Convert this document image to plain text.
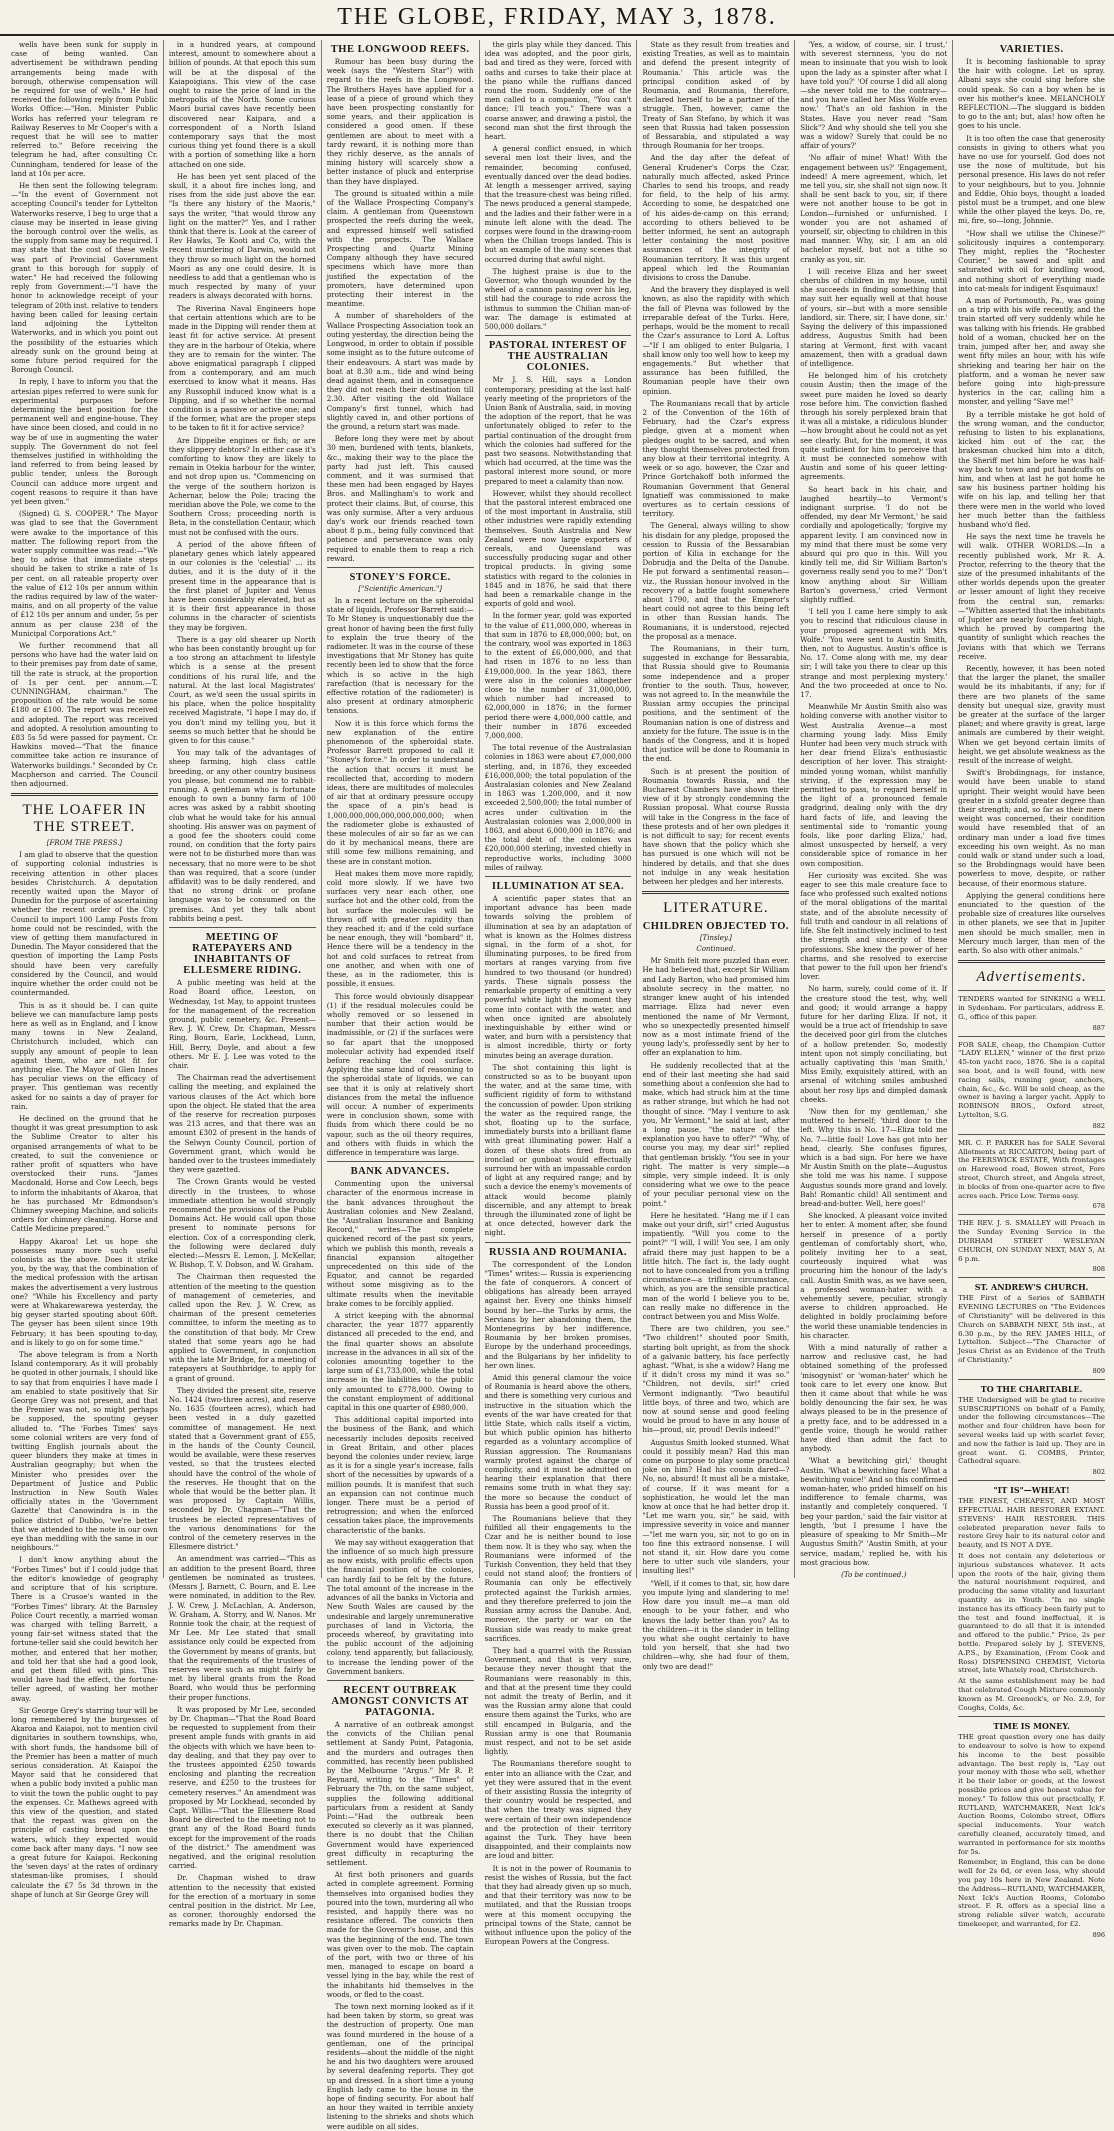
THE GLOBE, FRIDAY, MAY 3, 1878.

wells have been sunk for supply in case of being wanted. Can advertisement be withdrawn pending arrangements being made with borough, otherwise compensation will be required for use of wells." He had received the following reply from Public Works Office:—"Hon. Minister Public Works has referred your telegram re Railway Reserves to Mr Cooper's with a request that he will see to matter referred to." Before receiving the telegram he had, after consulting Cr. Cunningham, tendered for lease of the land at 10s per acre.

He then sent the following telegram:—"In the event of Government not accepting Council's tender for Lyttelton Waterworks reserve, I beg to urge that a clause may be inserted in lease giving the borough control over the wells, as the supply from same may be required. I may state that the cost of these wells was part of Provincial Government grant to this borough for supply of water." He had received the following reply from Government:—"I have the honor to acknowledge receipt of your telegram of 20th inst. relative to tenders having been called for leasing certain land adjoining the Lyttelton Waterworks, and in which you point out the possibility of the estuaries which already sunk on the ground being at some future period required for the Borough Council.

In reply, I have to inform you that the artesian pipes referred to were sunk for experimental purposes before determining the best position for the permanent well and engine-house. They have since been closed, and could in no way be of use in augmenting the water supply. The Government do not feel themselves justified in withholding the land referred to from being leased by public tender, unless the Borough Council can adduce more urgent and cogent reasons to require it than have yet been given."

(Signed) G. S. COOPER." The Mayor was glad to see that the Government were awake to the importance of this matter. The following report from the water supply committee was read:—"We beg to advise that immediate steps should be taken to strike a rate of 1s per cent. on all rateable property over the value of £12 10s per annum within the radius required by law of the water-mains, and on all property of the value of £12 10s per annum and under, 5s per annum as per clause 238 of the Municipal Corporations Act."

We further recommend that all persons who have had the water laid on to their premises pay from date of same, till the rate is struck, at the proportion of 1s per cent. per annum.—T. CUNNINGHAM, chairman." The proposition of the rate would be some £180 or £100. The report was received and adopted. The report was received and adopted. A resolution amounting to £83 5s 5d were passed for payment. Cr. Hawkins moved—"That the finance committee take action re insurance of Waterworks buildings." Seconded by Cr. Macpherson and carried. The Council then adjourned.

THE LOAFER IN THE STREET.
[FROM THE PRESS.]

I am glad to observe that the question of supporting colonial industries is receiving attention in other places besides Christchurch. A deputation recently waited upon the Mayor of Dunedin for the purpose of ascertaining whether the recent order of the City Council to import 100 Lamp Posts from home could not be rescinded, with the view of getting them manufactured in Dunedin. The Mayor considered that the question of importing the Lamp Posts should have been very carefully considered by the Council, and would inquire whether the order could not be countermanded.

This is as it should be. I can quite believe we can manufacture lamp posts here as well as in England, and I know many towns in New Zealand, Christchurch included, which can supply any amount of people to lean against them, who are not fit for anything else. The Mayor of Glen Innes has peculiar views on the efficacy of prayer. This gentleman was recently asked for no saints a day of prayer for rain.

He declined on the ground that he thought it was great presumption to ask the Sublime Creator to alter his organised arrangements of what to be created, to suit the convenience or rather profit of squatters who have overstocked their runs. "James Macdonald, Horse and Cow Leech, begs to inform the inhabitants of Akaroa, that he has purchased Mr Edmondson's Chimney sweeping Machine, and solicits orders for chimney cleaning. Horse and Cattle Medicine prepared."

Happy Akaroa! Let us hope she possesses many more such useful colonists as the above. Does it strike you, by the way, that the combination of the medical profession with the artisan makes the advertisement a very lustrous one? "While his Excellency and party were at Whakarewarewa yesterday, the big geyser started spouting about 60ft. The geyser has been silent since 19th February; it has been spouting to-day, and is likely to go on for some time."

The above telegram is from a North Island contemporary. As it will probably be quoted in other journals, I should like to say that from enquiries I have made I am enabled to state positively that Sir George Grey was not present, and that the Premier was not, so might perhaps be supposed, the spouting geyser alluded to. "The 'Forbes Times' says some colonial writers are very fond of twitting English journals about the queer blunders they make at times in Australian geography; but when the Minister who presides over the Department of Justice and Public Instruction in New South Wales officially states in the 'Government Gazette' that Canowindra is in the police district of Dubbo, 'we're better that we attended to the note in our own eye than meddling with the same in our neighbours.'"

I don't know anything about the "Forbes Times" but if I could judge that the editor's knowledge of geography and scripture that of his scripture. There is a Crusoe's wanted in the "Forbes Times" library. At the Barnsley Police Court recently, a married woman was charged with telling Barrett, a young fair-set witness stated that the fortune-teller said she could bewitch her mother, and entered that her mother, and told her that she had a good look, and get them filled with pins. This would have had the effect, the fortune-teller agreed, of wasting her mother away.

Sir George Grey's starring tour will be long remembered by the burgesses of Akaroa and Kaiapoi, not to mention civil dignitaries in southern townships, who, with short funds, the handsome bill of the Premier has been a matter of much serious consideration. At Kaiapoi the Mayor said that he considered that when a public body invited a public man to visit the town the public ought to pay the expenses. Cr. Mathews agreed with this view of the question, and stated that the repast was given on the principle of casting bread upon the waters, which they expected would come back after many days. "I now see a great future for Kaiapoi. Reckoning the 'seven days' at the rates of ordinary statesman-like promises, I should calculate the £7 5s 3d thrown in the shape of lunch at Sir George Grey will

in a hundred years, at compound interest, amount to somewhere about a billion of pounds. At that epoch this sum will be at the disposal of the Kaiapoigians. This view of the case ought to raise the price of land in the metropolis of the North. Some curious Maori burial caves have recently been discovered near Kaipara, and a correspondent of a North Island contemporary says that the most curious thing yet found there is a skull with a portion of something like a horn attached on one side.

He has been yet sent placed of the skull, it a about fire inches long, and rises from the side just above the ear. "Is there any history of the Maoris," says the writer, "that would throw any light on the matter?" Yes, and I rather think that there is. Look at the career of Rev Hawks, Te Kooti and Co, with the recent murdering of Darwin, would not they throw so much light on the horned Maori as any one could desire. It is needless to add that a gentleman who is much respected by many of your readers is always decorated with horns.

The Riverina Naval Engineers hope that certain attentions which are to be made in the Dipping will render them at least fit for active service. At present they are in the harbour of Otekia, where they are to remain for the winter. The above enigmatical paragraph I clipped from a contemporary, and am much exercised to know what it means. Has any Russophil induced know what is a Dipping, and if so whether the normal condition is a passive or active one; and if the former, what are the proper steps to be taken to fit it for active service?

Are Dippeibe engines or fish; or are they slippery debtors? In either case it's comforting to know they are likely to remain in Otekia harbour for the winter, and not drop upon us. "Commencing on the verge of the southern horizon is Achernar, below the Pole; tracing the meridian above the Pole, we come to the Southern Cross; proceeding north is Beta, in the constellation Centaur, which must not be confused with the ours.

A period of the above fifteen of planetary genes which lately appeared in our colonies is the 'celestial' ... its duties, and it is the duty of it the present time in the appearance that is the first planet of Jupiter and Venus have been considerably elevated, but as it is their first appearance in those columns in the character of scientists they may be forgiven.

There is a gay old shearer up North who has been constantly brought up for a too strong an attachment to lifestyle which is a sense at the present conditions of his rural life, and the natural. At the last local Magistrates' Court, as we'd seen the usual spirits in his place, when the police hospitality received Magistrate, "I hope I may do, if you don't mind my telling you, but it seems so much better that he should be given to for this cause."

You may talk of the advantages of sheep farming, high class cattle breeding, or any other country business you please, but commend me to rabbit-running. A gentleman who is fortunate enough to own a bunny farm of 100 acres was asked by a rabbit shooting club what he would take for his annual shooting. His answer was on payment of a good fee the shooters could come round, on condition that the forty pairs were not to be disturbed more than was necessary, that no more were to be shot than was required, that a score (under affidavit) was to be daily rendered, and that no strong drink or profane language was to be consumed on the premises. And yet they talk about rabbits being a pest.

MEETING OF RATEPAYERS AND INHABITANTS OF ELLESMERE RIDING.

A public meeting was held at the Road Board office, Leeston, on Wednesday, 1st May, to appoint trustees for the management of the recreation ground, public cemetery, &c. Present—Rev. J. W. Crew, Dr. Chapman, Messrs Ring, Bourn, Earle, Lockhead, Lunn, Hill, Berry, Doyle, and about a few others. Mr E. J. Lee was voted to the chair.

The Chairman read the advertisement calling the meeting, and explained the various clauses of the Act which bore upon the object. He stated that the area of the reserve for recreation purposes was 213 acres, and that there was an amount £302 of present in the hands of the Selwyn County Council, portion of Government grant, which would be handed over to the trustees immediately they were gazetted.

The Crown Grants would be vested directly in the trustees, to whose immediate attention he would strongly recommend the provisions of the Public Domains Act. He would call upon those present to nominate persons for election. Cox of a corresponding clerk, the following were declared duly elected:—Messrs E. Lemon, J. McKellar, W. Bishop, T. V. Dobson, and W. Graham.

The Chairman then requested the attention of the meeting to the question of management of cemeteries, and called upon the Rev. J. W. Crew, as chairman of the present cemeteries committee, to inform the meeting as to the constitution of that body. Mr Crew stated that some years ago he had applied to Government, in conjunction with the late Mr Bridge, for a meeting of ratepayers at Southbridge, to apply for a grant of ground.

They divided the present site, reserve No. 1424 (two-three acres), and reserve No. 1635 (fourteen acres), which had been vested in a duly gazetted committee of management. He next stated that a Government grant of £55, in the hands of the County Council, would be available, were these reserves vested, so that the trustees elected should have the control of the whole of the reserves. He thought that on the whole that would be the better plan. It was proposed by Captain Willis, seconded by Dr. Chapman—"That the trustees be elected representatives of the various denominations for the control of the cemetery reserves in the Ellesmere district."

An amendment was carried—"This as an addition to the present Board, three gentlemen be nominated as trustees. (Messrs J. Barnett, C. Bourn, and E. Lee were nominated, in addition to the Rev. J. W. Crew, J. McLachlan, A. Anderson, W. Graham, A. Storry, and W. Nanos. Mr Ronnie took the chair, at the request of Mr Lee. Mr Lee stated that small assistance only could be expected from the Government by means of grants, but that the requirements of the trustees of reserves were such as might fairly be met by liberal grants from the Road Board, who would thus be performing their proper functions.

It was proposed by Mr Lee, seconded by Dr. Chapman—"That the Road Board be requested to supplement from their present ample funds with grants in aid the objects with which we have been to-day dealing, and that they pay over to the trustees appointed £250 towards enclosing and planting the recreation reserve, and £250 to the trustees for cemetery reserves." An amendment was proposed by Mr Lockhead, seconded by Capt. Willis—"That the Ellesmere Road Board be directed to the meeting not to grant any of the Road Board funds except for the improvement of the roads of the district." The amendment was negatived, and the original resolution carried.

Dr. Chapman wished to draw attention to the necessity that existed for the erection of a mortuary in some central position in the district. Mr Lee, as coroner, thoroughly endorsed the remarks made by Dr. Chapman.

THE LONGWOOD REEFS.

Rumour has been busy during the week (says the "Western Star") with regard to the reefs in the Longwood. The Brothers Hayes have applied for a lease of a piece of ground which they have been prospecting constantly for some years, and their application is considered a good omen. If these gentlemen are about to meet with a tardy reward, it is nothing more than they richly deserve, as the annals of mining history will scarcely show a better instance of pluck and enterprise than they have displayed.

The ground is situated within a mile of the Wallace Prospecting Company's claim. A gentleman from Queenstown prospected the reefs during the week, and expressed himself well satisfied with the prospects. The Wallace Prospecting and Quartz Mining Company although they have secured specimens which have more than justified the expectation of the promoters, have determined upon protecting their interest in the meantime.

A number of shareholders of the Wallace Prospecting Association took an outing yesterday, the direction being the Longwood, in order to obtain if possible some insight as to the future outcome of their endeavours. A start was made by boat at 8.30 a.m., tide and wind being dead against them, and in consequence they did not reach their destination till 2.30. After visiting the old Wallace Company's first tunnel, which had slightly caved in, and other portions of the ground, a return start was made.

Before long they were met by about 30 men, burdened with tents, blankets, &c., making their way to the place the party had just left. This caused comment, and it was surmised that these men had been engaged by Hayes Bros. and Mallingham's to work and protect their claims. But, of course, this was only surmise. After a very arduous day's work our friends reached town about 8 p.m., being fully convinced that patience and perseverance was only required to enable them to reap a rich reward.

STONEY'S FORCE.
["Scientific American."]

In a recent lecture on the spheroidal state of liquids, Professor Barrett said:—To Mr Stoney is unquestionably due the great honor of having been the first fully to explain the true theory of the radiometer. It was in the course of these investigations that Mr Stoney has quite recently been led to show that the force which is so active in the high rarefaction (that is necessary for the effective rotation of the radiometer) is also present at ordinary atmospheric tensions.

Now it is this force which forms the new explanation of the entire phenomenon of the spheroidal state. Professor Barrett proposed to call it "Stoney's force." In order to understand the action that occurs it must be recollected that, according to modern ideas, there are multitudes of molecules of air that at ordinary pressure occupy the space of a pin's head is 1,000,000,000,000,000,000,000; when the radiometer globe is exhausted of these molecules of air so far as we can do it by mechanical means, there are still some few millions remaining, and these are in constant motion.

Heat makes them move more rapidly, cold more slowly. If we have two surfaces very near each other, one surface hot and the other cold, from the hot surface the molecules will be thrown off with greater rapidity than they reached it; and if the cold surface be near enough, they will "bombard" it. Hence there will be a tendency in the hot and cold surfaces to retreat from one another, and when with one of these, as in the radiometer, this is possible, it ensues.

This force would obviously disappear (1) if the residual molecules could be wholly removed or so lessened in number that their action would be inadmissible, or (2) if the surfaces were so far apart that the unopposed molecular activity had expended itself before reaching the cool surface. Applying the same kind of reasoning to the spheroidal state of liquids, we can see that it is only at relatively short distances from the metal the influence will occur. A number of experiments were in conclusion shown, some with fluids from which there could be no vapour, such as the oil theory requires, and others with fluids in which the difference in temperature was large.

BANK ADVANCES.

Commenting upon the universal character of the enormous increase in the bank advances throughout the Australian colonies and New Zealand, the "Australian Insurance and Banking Record," writes—The complete quickened record of the past six years, which we publish this month, reveals a financial expansion altogether unprecedented on this side of the Equator, and cannot be regarded without some misgiving as to the ultimate results when the inevitable brake comes to be forcibly applied.

A strict keeping with the abnormal character, the year 1877 apparently distanced all preceded to the end, and the final quarter shows an absolute increase in the advances in all six of the colonies amounting together to the large sum of £1,733,000, while the total increase in the liabilities to the public only amounted to £778,000. Owing to the constant employment of additional capital in this one quarter of £980,000.

This additional capital imported into the business of the Bank, and which necessarily includes deposits received in Great Britain, and other places beyond the colonies under review, large as it is for a single year's increase, falls short of the necessities by upwards of a million pounds. It is manifest that such an expansion can not continue much longer. There must be a period of retrogression; and when the enforced cessation takes place, the improvements characteristic of the banks.

We may say without exaggeration that the influence of so much high pressure as now exists, with prolific effects upon the financial position of the colonies, can hardly fail to be felt by the future. The total amount of the increase in the advances of all the banks in Victoria and New South Wales are caused by the undesirable and largely unremunerative purchases of land in Victoria, the proceeds whereof, by gravitating into the public account of the adjoining colony, tend apparently, but fallaciously, to increase the lending power of the Government bankers.

RECENT OUTBREAK AMONGST CONVICTS AT PATAGONIA.

A narrative of an outbreak amongst the convicts of the Chilian penal settlement at Sandy Point, Patagonia, and the murders and outrages then committed, has recently been published by the Melbourne "Argus." Mr R. P. Reynard, writing to the "Times" of February the 7th, on the same subject, supplies the following additional particulars from a resident at Sandy Point:—"Had the outbreak been executed so cleverly as it was planned, there is no doubt that the Chilian Government would have experienced great difficulty in recapturing the settlement.

At first both prisoners and guards acted in complete agreement. Forming themselves into organised bodies they poured into the town, murdering all who resisted, and happily there was no resistance offered. The convicts then made for the Governor's house, and this was the beginning of the end. The town was given over to the mob. The captain of the port, with two or three of his men, managed to escape on board a vessel lying in the bay, while the rest of the inhabitants hid themselves in the woods, or fled to the coast.

The town next morning looked as if it had been taken by storm, so great was the destruction of property. One man was found murdered in the house of a gentleman, one of the principal residents—about the middle of the night he and his two daughters were aroused by several deafening reports. They got up and dressed. In a short time a young English lady came to the house in the hope of finding security. For about half an hour they waited in terrible anxiety listening to the shrieks and shots which were audible on all sides.

the girls play while they danced. This idea was adopted, and the poor girls, bad and tired as they were, forced with oaths and curses to take their place at the piano while the ruffians danced round the room. Suddenly one of the men called to a companion, "You can't dance; I'll teach you." There was a coarse answer, and drawing a pistol, the second man shot the first through the heart.

A general conflict ensued, in which several men lost their lives, and the remainder, becoming confused, eventually danced over the dead bodies. At length a messenger arrived, saying that the treasure-chest was being rifled. The news produced a general stampede, and the ladies and their father were in a minute left alone with the dead. The corpses were found in the drawing-room when the Chilian troops landed. This is but an example of the many scenes that occurred during that awful night.

The highest praise is due to the Governor, who though wounded by the wheel of a cannon passing over his leg, still had the courage to ride across the isthmus to summon the Chilian man-of-war. The damage is estimated at 500,000 dollars."

PASTORAL INTEREST OF THE AUSTRALIAN COLONIES.

Mr J. S. Hill, says a London contemporary, presiding at the last half-yearly meeting of the proprietors of the Union Bank of Australia, said, in moving the adoption of the report, that he was unfortunately obliged to refer to the partial continuation of the drought from which the colonies had suffered for the past two seasons. Notwithstanding that which had occurred, at the time was the pastoral interest more sound, or more prepared to meet a calamity than now.

However, whilst they should recollect that the pastoral interest embraced one of the most important in Australia, still other industries were rapidly extending themselves. South Australia and New Zealand were now large exporters of cereals, and Queensland was successfully producing sugar and other tropical products. In giving some statistics with regard to the colonies in 1845 and in 1876, he said that there had been a remarkable change in the exports of gold and wool.

In the former year, gold was exported to the value of £11,000,000, whereas in that sum in 1876 to £8,000,000; but, on the contrary, wool was exported in 1863 to the extent of £6,000,000, and that had risen in 1876 to no less than £19,000,000. In the year 1863, there were also in the colonies altogether close to the number of 31,000,000, which number had increased to 62,000,000 in 1876; in the former period there were 4,000,000 cattle, and their number in 1876 exceeded 7,000,000.

The total revenue of the Australasian colonies in 1863 were about £7,000,000 sterling, and, in 1876, they exceeded £16,000,000; the total population of the Australasian colonies and New Zealand in 1863 was 1,200,000, and it now exceeded 2,500,000; the total number of acres under cultivation in the Australasian colonies was 2,000,000 in 1863, and about 6,000,000 in 1876; and the total debt of the colonies was £20,000,000 sterling, invested chiefly in reproductive works, including 3000 miles of railway.

ILLUMINATION AT SEA.

A scientific paper states that an important advance has been made towards solving the problem of illumination at sea by an adaptation of what is known as the Holmes distress signal, in the form of a shot, for illuminating purposes, to be fired from mortars at ranges varying from five hundred to two thousand (or hundred) yards. These signals possess the remarkable property of emitting a very powerful white light the moment they come into contact with the water, and when once ignited are absolutely inextinguishable by either wind or water, and burn with a persistency that is almost incredible, thirty or forty minutes being an average duration.

The shot containing this light is constructed so as to be buoyant upon the water, and at the same time, with sufficient rigidity of form to withstand the concussion of powder. Upon striking the water as the required range, the shot, floating up to the surface, immediately bursts into a brilliant flame with great illuminating power. Half a dozen of these shots fired from an ironclad or gunboat would effectually surround her with an impassable cordon of light at any required range; and by such a device the enemy's movements of attack would become plainly discernible, and any attempt to break through the illuminated zone of light be at once detected, however dark the night.

RUSSIA AND ROUMANIA.

The correspondent of the London "Times" writes:— Russia is experiencing the fate of conquerors. A concert of obligations has already been arrayed against her. Every one thinks himself bound by her—the Turks by arms, the Servians by her abandoning them, the Montenegrins by her indifference, Roumania by her broken promises, Europe by the underhand proceedings, and the Bulgarians by her infidelity to her own lines.

Amid this general clamour the voice of Roumania is heard above the others, and there is something very curious and instructive in the situation which the events of the war have created for that little State, which calls itself a victim, but which public opinion has hitherto regarded as a voluntary accomplice of Russian aggression. The Roumanians warmly protest against the charge of complicity, and it must be admitted on hearing their explanation that there remains some truth in what they say; the more so because the conduct of Russia has been a good proof of it.

The Roumanians believe that they fulfilled all their engagements to the Czar and he is neither bound to lose them now. It is they who say, when the Roumanians were informed of the Turkish Convention, they held that they could not stand aloof; the frontiers of Roumania can only be effectively protected against the Turkish armies, and they therefore preferred to join the Russian army across the Danube. And, moreover, the party or war on the Russian side was ready to make great sacrifices.

They had a quarrel with the Russian Government, and that is very sure, because they never thought that the Roumanians were reasonably in this, and that at the present time they could not admit the treaty of Berlin, and it was the Russian army alone that could ensure them against the Turks, who are still encamped in Bulgaria, and the Russian army is one that Roumania must respect, and not to be set aside lightly.

The Roumanians therefore sought to enter into an alliance with the Czar, and yet they were assured that in the event of their assisting Russia the integrity of their country would be respected, and that when the treaty was signed they were certain of their own independence and the protection of their territory against the Turk. They have been disappointed, and their complaints now are loud and bitter.

It is not in the power of Roumania to resist the wishes of Russia, but the fact that they had already given up so much, and that their territory was now to be mutilated, and that the Russian troops were at this moment occupying the principal towns of the State, cannot be without influence upon the policy of the European Powers at the Congress.

State as they result from treaties and existing Treaties, as well as to maintain and defend the present integrity of Roumania.' This article was the principal condition asked of by Roumania, and Roumania, therefore, declared herself to be a partner of the struggle. Then, however, came the Treaty of San Stefano, by which it was seen that Russia had taken possession of Bessarabia, and stipulated a way through Roumania for her troops.

And the day after the defeat of General Krudener's Corps the Czar, naturally much affected, asked Prince Charles to send his troops, and ready for field, to the help of his army. According to some, he despatched one of his aides-de-camp on this errand; according to others believed to be better informed, he sent an autograph letter containing the most positive assurances of the integrity of Roumanian territory. It was this urgent appeal which led the Roumanian divisions to cross the Danube.

And the bravery they displayed is well known, as also the rapidity with which the fall of Plevna was followed by the irreparable defeat of the Turks. Here, perhaps, would be the moment to recall the Czar's assurance to Lord A. Loftus—"If I am obliged to enter Bulgaria, I shall know only too well how to keep my engagements." But whether that assurance has been fulfilled, the Roumanian people have their own opinion.

The Roumanians recall that by article 2 of the Convention of the 16th of February, had the Czar's express pledge, given at a moment when pledges ought to be sacred, and when they thought themselves protected from any blow at their territorial integrity. A week or so ago, however, the Czar and Prince Gortchakoff both informed the Roumanian Government that General Ignatieff was commissioned to make overtures as to certain cessions of territory.

The General, always willing to show his disdain for any pledge, proposed the cession to Russia of the Bessarabian portion of Kilia in exchange for the Dobrudja and the Delta of the Danube. He put forward a sentimental reason—viz., the Russian honour involved in the recovery of a battle fought somewhere about 1790, and that the Emperor's heart could not agree to this being left in other than Russian hands. The Roumanians, it is understood, rejected the proposal as a menace.

The Roumanians, in their turn, suggested in exchange for Bessarabia, that Russia should give to Roumania some independence and a proper frontier to the south. Thus, however, was not agreed to. In the meanwhile the Russian army occupies the principal positions, and the sentiment of the Roumanian nation is one of distress and anxiety for the future. The issue is in the hands of the Congress, and it is hoped that justice will be done to Roumania in the end.

Such is at present the position of Roumania towards Russia, and the Bucharest Chambers have shown their view of it by strongly condemning the Russian proposal. What course Russia will take in the Congress in the face of these protests and of her own pledges it is not difficult to say; for recent events have shown that the policy which she has pursued is one which will not be hindered by details, and that she does not indulge in any weak hesitation between her pledges and her interests.

LITERATURE.
CHILDREN OBJECTED TO.
[Tinsley.]
Continued.

Mr Smith felt more puzzled than ever. He had believed that, except Sir William and Lady Barton, who had promised him absolute secrecy in the matter, no stranger knew aught of his intended marriage. Eliza had never even mentioned the name of Mr Vermont, who so unexpectedly presented himself now as a most intimate friend of the young lady's, professedly sent by her to offer an explanation to him.

He suddenly recollected that at the end of their last meeting she had said something about a confession she had to make, which had struck him at the time as rather strange, but which he had not thought of since. "May I venture to ask you, Mr Vermont," he said at last, after a long pause, "the nature of the explanation you have to offer?" "Why, of course you may, my dear sir!" replied that gentleman briskly. "You see in your right. The matter is very simple—a simple, very simple indeed. It is only considering what we owe to the peace of your peculiar personal view on the point."

Here he hesitated. "Hang me if I can make out your drift, sir!" cried Augustus impatiently. "Will you come to the point?" "I will, I will! You see, I am only afraid there may just happen to be a little hitch. The fact is, the lady ought not to have concealed from you a trifling circumstance—a trifling circumstance, which, as you are the sensible practical man of the world I believe you to be, can really make no difference in the contract between you and Miss Wolfe.

There are two children, you see." "Two children!" shouted poor Smith, starting bolt upright, as from the shock of a galvanic battery, his face perfectly aghast. "What, is she a widow? Hang me if it didn't cross my mind it was so." "Children, not devils, sir!" cried Vermont indignantly. "Two beautiful little boys, of three and two, which are now at sound sense and good feeling would be proud to have in any house of his—proud, sir, proud! Devils indeed!"

Augustus Smith looked stunned. What could it possibly mean? Had this man come on purpose to play some practical joke on him? Had his cousin dared—? No, no, absurd! It must all be a mistake, of course. If it was meant for a sophistication, he would let the man know at once that he had better drop it. "Let me warn you, sir," he said, with impressive severity in voice and manner—"let me warn you, sir, not to go on in too fine this extraord nonsense. I will not stand it, sir. How dare you come here to utter such vile slanders, your insulting lies!"

"Well, if it comes to that, sir, how dare you impute lying and slandering to me! How dare you insult me—a man old enough to be your father, and who knows the lady better than you? As to the children—it is the slander in telling you what she ought certainly to have told you herself, that she had two children—why, she had four of them, only two are dead!"

'Yes, a widow, of course, sir. I trust,' with severest sternness, 'you do not mean to insinuate that you wish to look upon the lady as a spinster after what I have told you?' 'Of course I did all along—she never told me to the contrary—and you have called her Miss Wolfe even now.' 'That's an old fashion in the States. Have you never read "Sam Slick"? And why should she tell you she was a widow? Surely that could be no affair of yours?'

'No affair of mine! What! With the engagement between us?' 'Engagement, indeed! A mere agreement, which, let me tell you, sir, she shall not sign now. It shall be sent back to you, sir, if there were not another house to be got in London—furnished or unfurnished. I wonder you are not ashamed of yourself, sir, objecting to children in this mad manner. Why, sir, I am an old bachelor myself, but not a tithe so cranky as you, sir.

I will receive Eliza and her sweet cherubs of children in my house, until she succeeds in finding something that may suit her equally well at that house of yours, sir—but with a more sensible landlord, sir. There, sir, I have done, sir.' Saying the delivery of this impassioned address, Augustus Smith had been staring at Vermont, first with vacant amazement, then with a gradual dawn of intelligence.

He belonged him of his crotchety cousin Austin; then the image of the sweet pure maiden he loved so dearly rose before him. The conviction flashed through his sorely perplexed brain that it was all a mistake, a ridiculous blunder—how brought about he could not as yet see clearly. But, for the moment, it was quite sufficient for him to perceive that it must be connected somehow with Austin and some of his queer letting-agreements.

So heart back in his chair, and laughed heartily—to Vermont's indignant surprise. 'I do not be offended, my dear Mr Vermont,' he said cordially and apologetically; 'forgive my apparent levity. I am convinced now in my mind that there must be some very absurd qui pro quo in this. Will you kindly tell me, did Sir William Barton's governess really send you to me?' 'Don't know anything about Sir William Barton's governess,' cried Vermont slightly ruffled.

'I tell you I came here simply to ask you to rescind that ridiculous clause in your proposed agreement with Mrs Wolfe.' 'You were sent to Austin Smith, then, not to Augustus. Austin's office is No. 17. Come along with me, my dear sir; I will take you there to clear up this strange and most perplexing mystery.' And the two proceeded at once to No. 17.

Meanwhile Mr Austin Smith also was holding converse with another visitor to West Australia Avenue—a most charming young lady. Miss Emily Hunter had been very much struck with her dear friend Eliza's enthusiastic description of her lover. This straight-minded young woman, whilst manfully striving, if the expression may be permitted to pass, to regard herself in the light of a pronounced female gradgrind, dealing only with the dry hard facts of life, and leaving the sentimental side to 'romantic young fools, like poor darling Eliza,' had, almost unsuspected by herself, a very considerable spice of romance in her own composition.

Her curiosity was excited. She was eager to see this male creature face to face who professed such exalted notions of the moral obligations of the marital state, and of the absolute necessity of full truth and candour in all relations of life. She felt instinctively inclined to test the strength and sincerity of these professions. She knew the power of her charms, and she resolved to exercise that power to the full upon her friend's lover.

No harm, surely, could come of it. If the creature stood the test, why, well and good; it would arrange a happy future for her darling Eliza. If not, it would be a true act of friendship to save the deceived poor girl from the clutches of a hollow pretender. So, modestly intent upon not simply conciliating, but actually captivating this 'man Smith,' Miss Emily, exquisitely attired, with an arsenal of witching smiles ambushed about her rosy lips and dimpled damask cheeks.

'Now then for my gentleman,' she muttered to herself; 'third door to the left. Why this is No. 17—Eliza told me No. 7—little fool! Love has got into her head, clearly. She confuses figures, which is a bad sign. For here we have Mr Austin Smith on the plate—Augustus she told me was his name. I suppose Augustus sounds more grand and lovely. Bah! Romantic child! All sentiment and bread-and-butter. Well, here goes!'

She knocked. A pleasant voice invited her to enter. A moment after, she found herself in presence of a portly gentleman of comfortably short, who, politely inviting her to a seat, courteously inquired what was procuring him the honour of the lady's call. Austin Smith was, as we have seen, a professed woman-hater with a vehemently severe, peculiar, strongly averse to children approached. He delighted in boldly proclaiming before the world these unamiable tendencies in his character.

With a mind naturally of rather a narrow and reclusive cast, he had obtained something of the professed 'misogynist' or 'woman-hater' which he took care to let every one know. But then it came about that while he was boldly denouncing the fair sex, he was always pleased to be in the presence of a pretty face, and to be addressed in a gentle voice, though he would rather have died than admit the fact to anybody.

'What a bewitching girl,' thought Austin. 'What a bewitching face! What a bewitching voice!' And so this confirmed woman-hater, who prided himself on his indifference to female charms, was instantly and completely conquered. 'I beg your pardon,' said the fair visitor at length, 'but I presume I have the pleasure of speaking to Mr Smith—Mr Augustus Smith?' 'Austin Smith, at your service, madam,' replied he, with his most gracious bow.

(To be continued.)

VARIETIES.

It is becoming fashionable to spray the hair with cologne. Let us spray. Albani says she could sing before she could speak. So can a boy when he is over his mother's knee. MELANCHOLY REFLECTION.—The sluggard is bidden to go to the ant; but, alas! how often he goes to his uncle.

It is too often the case that generosity consists in giving to others what you have no use for yourself. God does not use the nose of multitude, but his personal presence. His laws do not refer to your neighbours, but to you. Johnnie and Eddie, Ohio boys, thought a loaded pistol must be a trumpet, and one blew while the other played the keys. Do, re, mi, fire, so—long, Johnnie.

"How shall we utilise the Chinese?" solicitously inquires a contemporary. They might, replies the "Rochester Courier," be sawed and split and saturated with oil for kindling wood, and nothing short of everything made into cat-meals for indigent Esquimaux!

A man of Portsmouth, Pa., was going on a trip with his wife recently, and the train started off very suddenly while he was talking with his friends. He grabbed hold of a woman, chucked her on the train, jumped after her, and away she went fifty miles an hour, with his wife shrieking and tearing her hair on the platform, and a woman he never saw before going into high-pressure hysterics in the car, calling him a monster, and yelling "Save me!"

By a terrible mistake he got hold of the wrong woman, and the conductor, refusing to listen to his explanations, kicked him out of the car, the brakesman chucked him into a ditch, the Sheriff met him before he was half-way back to town and put handcuffs on him, and when at last he got home he saw his business partner holding his wife on his lap, and telling her that there were men in the world who loved her much better than the faithless husband who'd fled.

He says the next time he travels he will walk. OTHER WORLDS.—In a recently published work, Mr R. A. Proctor, referring to the theory that the size of the presumed inhabitants of the other worlds depends upon the greater or lesser amount of light they receive from the central sun, remarks:—"Whitten asserted that the inhabitants of Jupiter are nearly fourteen feet high, which he proved by comparing the quantity of sunlight which reaches the Jovians with that which we Terrans receive.

Recently, however, it has been noted that the larger the planet, the smaller would be its inhabitants, if any; for if there are two planets of the same density but unequal size, gravity must be greater at the surface of the larger planet; and where gravity is great, large animals are cumbered by their weight. When we get beyond certain limits of height, we get absolute weakness as the result of the increase of weight.

Swift's Brobdingnags, for instance, would have been unable to stand upright. Their weight would have been greater in a sixfold greater degree than their strength; and, so far as their mere weight was concerned, their condition would have resembled that of an ordinary man under a load five times exceeding his own weight. As no man could walk or stand under such a load, so the Brobdingnags would have been powerless to move, despite, or rather because, of their enormous stature.

Applying the general conditions here enunciated to the question of the probable size of creatures like ourselves in other planets, we see that in Jupiter men should be much smaller, men in Mercury much larger, than men of the earth. So also with other animals."

Advertisements.
TENDERS wanted for SINKING a WELL in Sydenham. For particulars, address E. G., office of this paper.
887
FOR SALE, cheap, the Champion Cutter "LADY ELLEN," winner of the first prize 45-ton yacht race, 1876. She is a capital sea boat, and is well found, with new racing sails, running gear, anchors, chain, &c., &c. Will be sold cheap, as the owner is having a larger yacht. Apply to ROBINSON BROS., Oxford street, Lyttelton, S.G.
882
MR. C. P. PARKER has for SALE Several Allotments at RICCARTON, being part of the FEERSWICK ESTATE, With frontages on Harewood road, Bowen street, Fore street, Church street, and Angela street, in blocks of from one-quarter acre to five acres each. Price Low. Terms easy.
678
THE REV. J. S. SMALLEY will Preach in the Sunday Evening Service in the DURHAM STREET WESLEYAN CHURCH, ON SUNDAY NEXT, MAY 5, At 6 p.m.
808
ST. ANDREW'S CHURCH.
THE First of a Series of SABBATH EVENING LECTURES on "The Evidences of Christianity" will be delivered in this Church on SABBATH NEXT, 5th inst., at 6.30 p.m., by the REV. JAMES HILL, of Lyttelton. Subject—"The Character of Jesus Christ as an Evidence of the Truth of Christianity."
809
TO THE CHARITABLE.
THE Undersigned will be glad to receive SUBSCRIPTIONS on behalf of a Family, under the following circumstances—The mother and four children have been for several weeks laid up with scarlet fever, and now the father is laid up. They are in great want. G. COMBS, Printer, Cathedral square.
802
"IT IS"—WHEAT!
THE FINEST, CHEAPEST, AND MOST EFFECTUAL HAIR RESTORER EXTANT. STEVENS' HAIR RESTORER. THIS celebrated preparation never fails to restore Grey hair to its natural color and beauty, and IS NOT A DYE.
It does not contain any deleterious or injurious substances whatever. It acts upon the roots of the hair, giving them the natural nourishment required, and producing the same vitality and luxuriant quantity as in Youth. "In no single instance has its efficacy been fairly put to the test and found ineffectual, it is guaranteed to do all that it is intended and offered to the public." Price, 2s per bottle. Prepared solely by J. STEVENS, A.P.S., by Examination, (From Cook and Ross) DISPENSING CHEMIST, Victoria street, late Whately road, Christchurch.
At the same establishment may be had that celebrated Cough Mixture commonly known as M. Greenock's, or No. 2.9, for Coughs, Colds, &c.
TIME IS MONEY.
THE great question every one has daily to endeavour to solve is how to expend his income to the best possible advantage. The best reply is, "Lay out your money with those who sell, whether it be their labor or goods, at the lowest possible prices and give honest value for money." To follow this out practically, F. RUTLAND, WATCHMAKER, Next Ick's Auction Rooms, Colombo street, Offers special inducements. Your watch carefully cleaned, accurately timed, and warranted in performance for six months for 5s.
Remember, in England, this can be done well for 2s 6d, or even less, why should you pay 10s here in New Zealand. Note the Address—RUTLAND, WATCHMAKER, Next Ick's Auction Rooms, Colombo street. F. R. offers as a special line a strong reliable silver watch, accurate timekeeper, and warranted, for £2.
896
